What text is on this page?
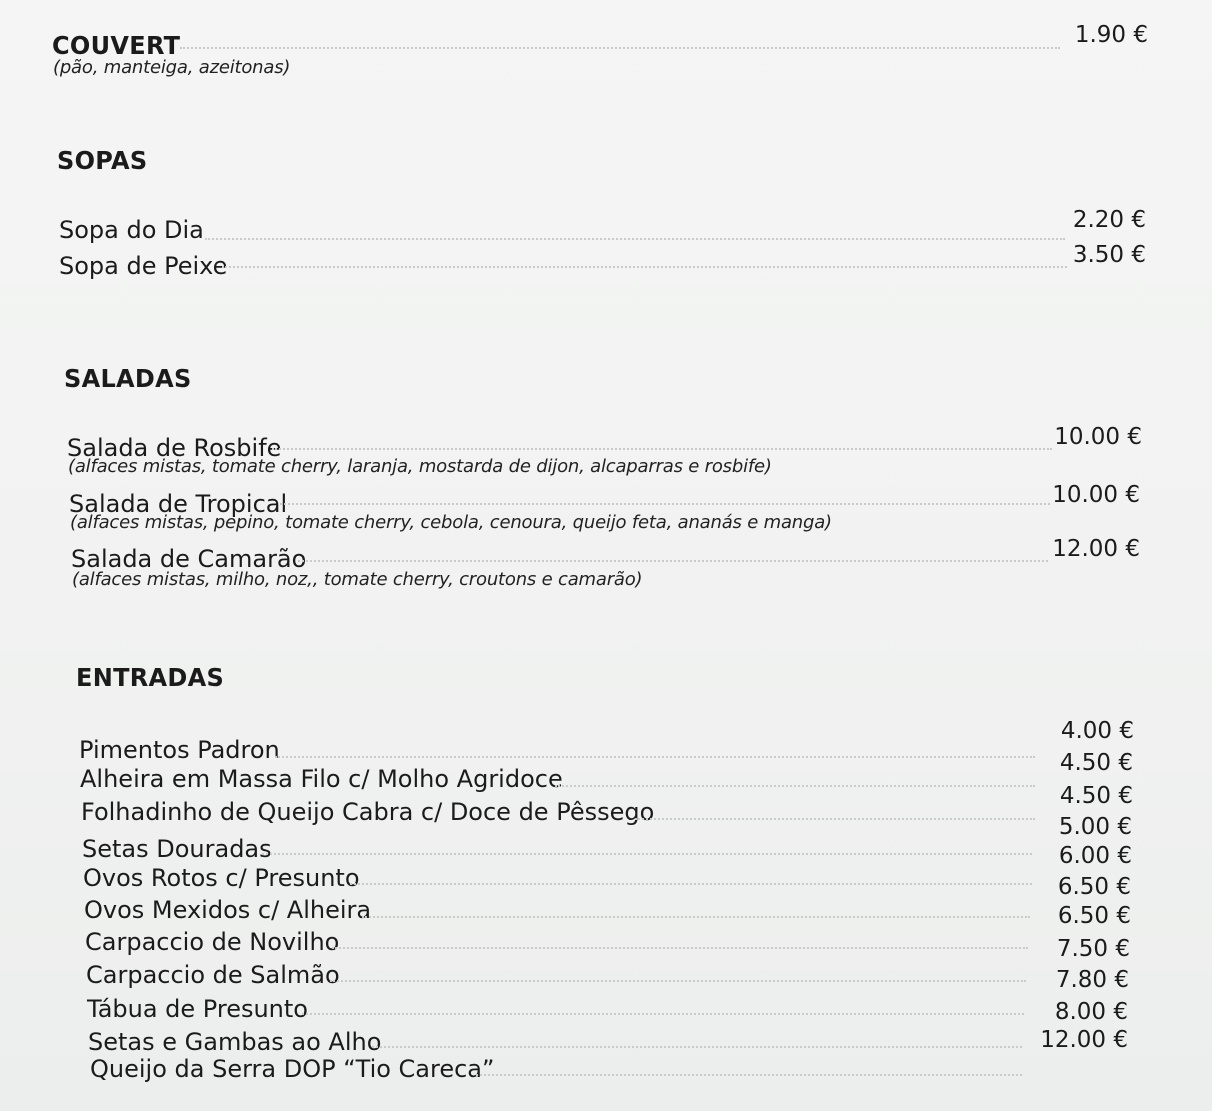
COUVERT
(pão, manteiga, azeitonas)
1.90 €
SOPAS
Sopa do Dia	2.20 €
Sopa de Peixe	3.50 €
SALADAS
Salada de Rosbife
(alfaces mistas, tomate cherry, laranja, mostarda de dijon, alcaparras e rosbife)
10.00 €
Salada de Tropical
(alfaces mistas, pepino, tomate cherry, cebola, cenoura, queijo feta, ananás e manga)
10.00 €
Salada de Camarão
(alfaces mistas, milho, noz,, tomate cherry, croutons e camarão)
12.00 €
ENTRADAS
Pimentos Padron
Alheira em Massa Filo c/ Molho Agridoce
Folhadinho de Queijo Cabra c/ Doce de Pêssego
Setas Douradas
Ovos Rotos c/ Presunto
Ovos Mexidos c/ Alheira
Carpaccio de Novilho
Carpaccio de Salmão
Tábua de Presunto
Setas e Gambas ao Alho
Queijo da Serra DOP “Tio Careca”
4.00 €
4.50 €
4.50 €
5.00 €
6.00 €
6.50 €
6.50 €
7.50 €
7.80 €
8.00 €
12.00 €
